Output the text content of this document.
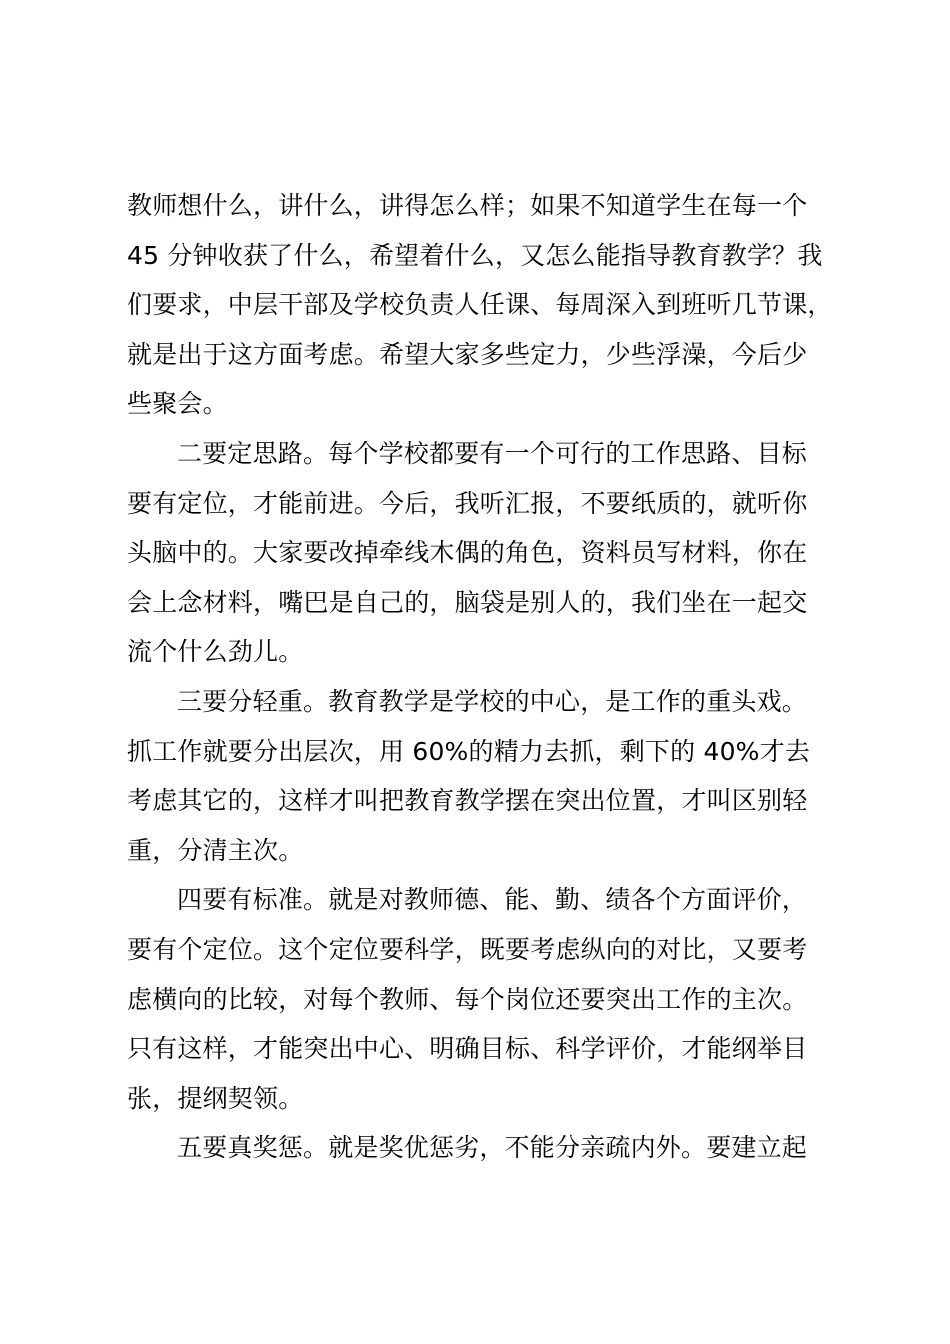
教师想什么，讲什么，讲得怎么样；如果不知道学生在每一个
45 分钟收获了什么，希望着什么，又怎么能指导教育教学？我
们要求，中层干部及学校负责人任课、每周深入到班听几节课，
就是出于这方面考虑。希望大家多些定力，少些浮澡，今后少
些聚会。
二要定思路。每个学校都要有一个可行的工作思路、目标
要有定位，才能前进。今后，我听汇报，不要纸质的，就听你
头脑中的。大家要改掉牵线木偶的角色，资料员写材料，你在
会上念材料，嘴巴是自己的，脑袋是别人的，我们坐在一起交
流个什么劲儿。
三要分轻重。教育教学是学校的中心，是工作的重头戏。
抓工作就要分出层次，用 60%的精力去抓，剩下的 40%才去
考虑其它的，这样才叫把教育教学摆在突出位置，才叫区别轻
重，分清主次。
四要有标准。就是对教师德、能、勤、绩各个方面评价，
要有个定位。这个定位要科学，既要考虑纵向的对比，又要考
虑横向的比较，对每个教师、每个岗位还要突出工作的主次。
只有这样，才能突出中心、明确目标、科学评价，才能纲举目
张，提纲契领。
五要真奖惩。就是奖优惩劣，不能分亲疏内外。要建立起
